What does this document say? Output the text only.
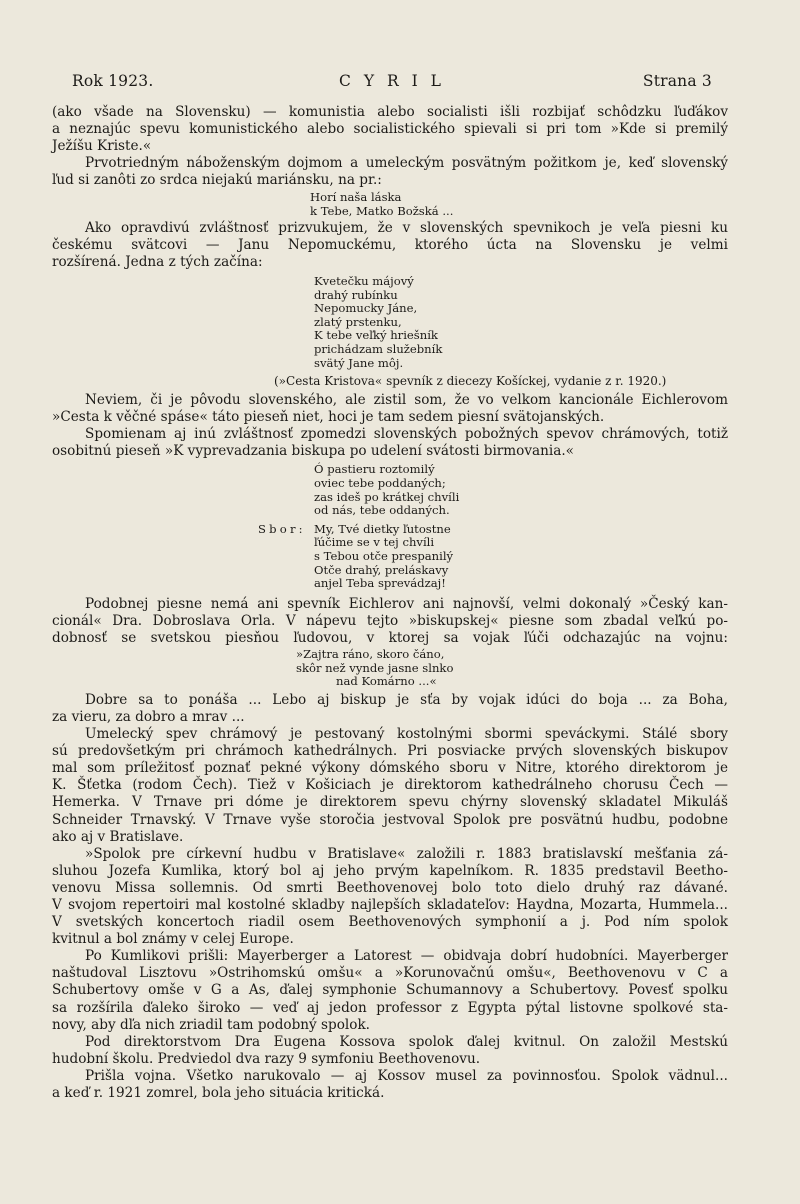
Rok 1923.	C Y R I L	Strana 3
(ako všade na Slovensku) — komunistia alebo socialisti išli rozbijať schôdzku ľuďákov
a neznajúc spevu komunistického alebo socialistického spievali si pri tom »Kde si premilý
Ježíšu Kriste.«
Prvotriedným náboženským dojmom a umeleckým posvätným požitkom je, keď slovenský
ľud si zanôti zo srdca niejakú mariánsku, na pr.:
Horí naša láska
k Tebe, Matko Božská ...
Ako opravdivú zvláštnosť prizvukujem, že v slovenských spevnikoch je veľa piesni ku
českému svätcovi — Janu Nepomuckému, ktorého úcta na Slovensku je velmi
rozšírená. Jedna z tých začína:
Kvetečku májový
drahý rubínku
Nepomucky Jáne,
zlatý prstenku,
K tebe veľký hriešník
prichádzam služebník
svätý Jane môj.
(»Cesta Kristova« spevník z diecezy Košíckej, vydanie z r. 1920.)
Neviem, či je pôvodu slovenského, ale zistil som, že vo velkom kancionále Eichlerovom
»Cesta k věčné spáse« táto pieseň niet, hoci je tam sedem piesní svätojanských.
Spomienam aj inú zvláštnosť zpomedzi slovenských pobožných spevov chrámových, totiž
osobitnú pieseň »K vyprevadzania biskupa po udelení svátosti birmovania.«
Ó pastieru roztomilý
oviec tebe poddaných;
zas ideš po krátkej chvíli
od nás, tebe oddaných.
Sbor: My, Tvé dietky ľutostne
ľúčime se v tej chvíli
s Tebou otče prespanilý
Otče drahý, preláskavy
anjel Teba sprevádzaj!
Podobnej piesne nemá ani spevník Eichlerov ani najnovší, velmi dokonalý »Český kan-
cionál« Dra. Dobroslava Orla. V nápevu tejto »biskupskej« piesne som zbadal veľkú po-
dobnosť se svetskou piesňou ľudovou, v ktorej sa vojak ľúči odchazajúc na vojnu:
»Zajtra ráno, skoro čáno,
skôr než vynde jasne slnko
nad Komárno ...«
Dobre sa to ponáša ... Lebo aj biskup je sťa by vojak idúci do boja ... za Boha,
za vieru, za dobro a mrav ...
Umelecký spev chrámový je pestovaný kostolnými sbormi speváckymi. Stálé sbory
sú predovšetkým pri chrámoch kathedrálnych. Pri posviacke prvých slovenských biskupov
mal som príležitosť poznať pekné výkony dómského sboru v Nitre, ktorého direktorom je
K. Šťetka (rodom Čech). Tiež v Košiciach je direktorom kathedrálneho chorusu Čech —
Hemerka. V Trnave pri dóme je direktorem spevu chýrny slovenský skladatel Mikuláš
Schneider Trnavský. V Trnave vyše storočia jestvoval Spolok pre posvätnú hudbu, podobne
ako aj v Bratislave.
»Spolok pre církevní hudbu v Bratislave« založili r. 1883 bratislavskí mešťania zá-
sluhou Jozefa Kumlika, ktorý bol aj jeho prvým kapelníkom. R. 1835 predstavil Beetho-
venovu Missa sollemnis. Od smrti Beethovenovej bolo toto dielo druhý raz dávané.
V svojom repertoiri mal kostolné skladby najlepších skladateľov: Haydna, Mozarta, Hummela...
V svetských koncertoch riadil osem Beethovenových symphonií a j. Pod ním spolok
kvitnul a bol známy v celej Europe.
Po Kumlikovi prišli: Mayerberger a Latorest — obidvaja dobrí hudobníci. Mayerberger
naštudoval Lisztovu »Ostrihomskú omšu« a »Korunovačnú omšu«, Beethovenovu v C a
Schubertovy omše v G a As, ďalej symphonie Schumannovy a Schubertovy. Povesť spolku
sa rozšírila ďaleko široko — veď aj jedon professor z Egypta pýtal listovne spolkové sta-
novy, aby dľa nich zriadil tam podobný spolok.
Pod direktorstvom Dra Eugena Kossova spolok ďalej kvitnul. On založil Mestskú
hudobní školu. Predviedol dva razy 9 symfoniu Beethovenovu.
Prišla vojna. Všetko narukovalo — aj Kossov musel za povinnosťou. Spolok vädnul...
a keď r. 1921 zomrel, bola jeho situácia kritická.
